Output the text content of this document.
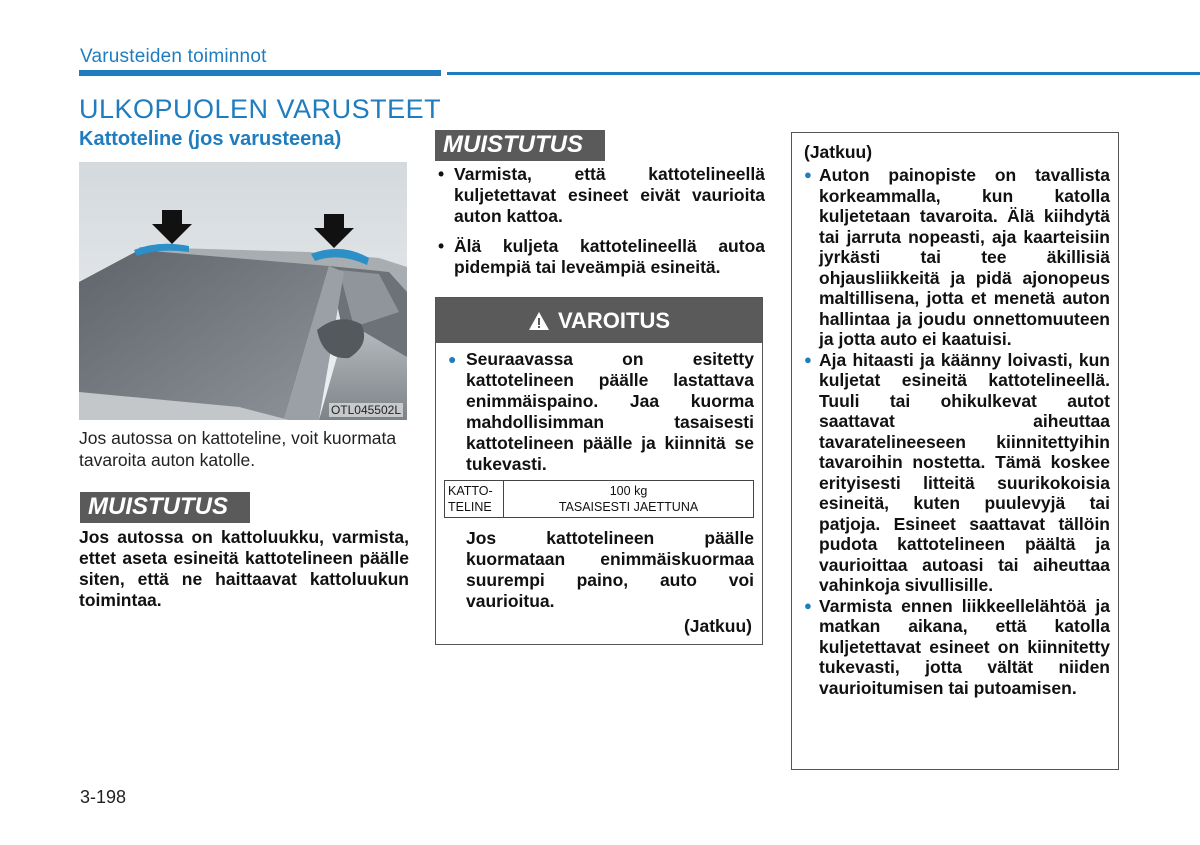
Varusteiden toiminnot
ULKOPUOLEN VARUSTEET
Kattoteline (jos varusteena)
OTL045502L
Jos autossa on kattoteline, voit kuormata tavaroita auton katolle.
MUISTUTUS
Jos autossa on kattoluukku, varmista, ettet aseta esineitä kattotelineen päälle siten, että ne haittaavat kattoluukun toimintaa.
MUISTUTUS
• Varmista, että kattotelineellä kuljetettavat esineet eivät vaurioita auton kattoa.
• Älä kuljeta kattotelineellä autoa pidempiä tai leveämpiä esineitä.
VAROITUS
● Seuraavassa on esitetty kattotelineen päälle lastattava enimmäispaino. Jaa kuorma mahdollisimman tasaisesti kattotelineen päälle ja kiinnitä se tukevasti.
KATTO-TELINE	
100 kg
TASAISESTI JAETTUNA
Jos kattotelineen päälle kuormataan enimmäiskuormaa suurempi paino, auto voi vaurioitua.
(Jatkuu)
(Jatkuu)
● Auton painopiste on tavallista korkeammalla, kun katolla kuljetetaan tavaroita. Älä kiihdytä tai jarruta nopeasti, aja kaarteisiin jyrkästi tai tee äkillisiä ohjausliikkeitä ja pidä ajonopeus maltillisena, jotta et menetä auton hallintaa ja joudu onnettomuuteen ja jotta auto ei kaatuisi.
● Aja hitaasti ja käänny loivasti, kun kuljetat esineitä kattotelineellä. Tuuli tai ohikulkevat autot saattavat aiheuttaa tavaratelineeseen kiinnitettyihin tavaroihin nostetta. Tämä koskee erityisesti litteitä suurikokoisia esineitä, kuten puulevyjä tai patjoja. Esineet saattavat tällöin pudota kattotelineen päältä ja vaurioittaa autoasi tai aiheuttaa vahinkoja sivullisille.
● Varmista ennen liikkeellelähtöä ja matkan aikana, että katolla kuljetettavat esineet on kiinnitetty tukevasti, jotta vältät niiden vaurioitumisen tai putoamisen.
3-198
